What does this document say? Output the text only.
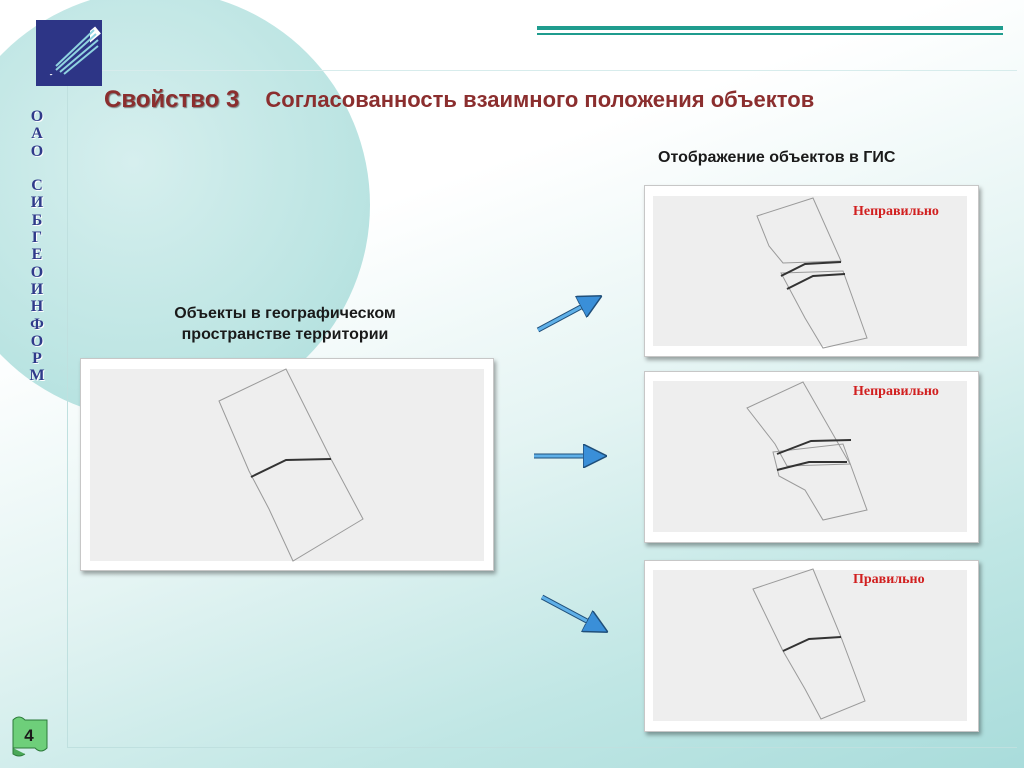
О
А
О
С
И
Б
Г
Е
О
И
Н
Ф
О
Р
М
Свойство 3 Согласованность взаимного положения объектов
Отображение объектов в ГИС
Объекты в географическом
пространстве территории
Неправильно
Неправильно
Правильно
4
